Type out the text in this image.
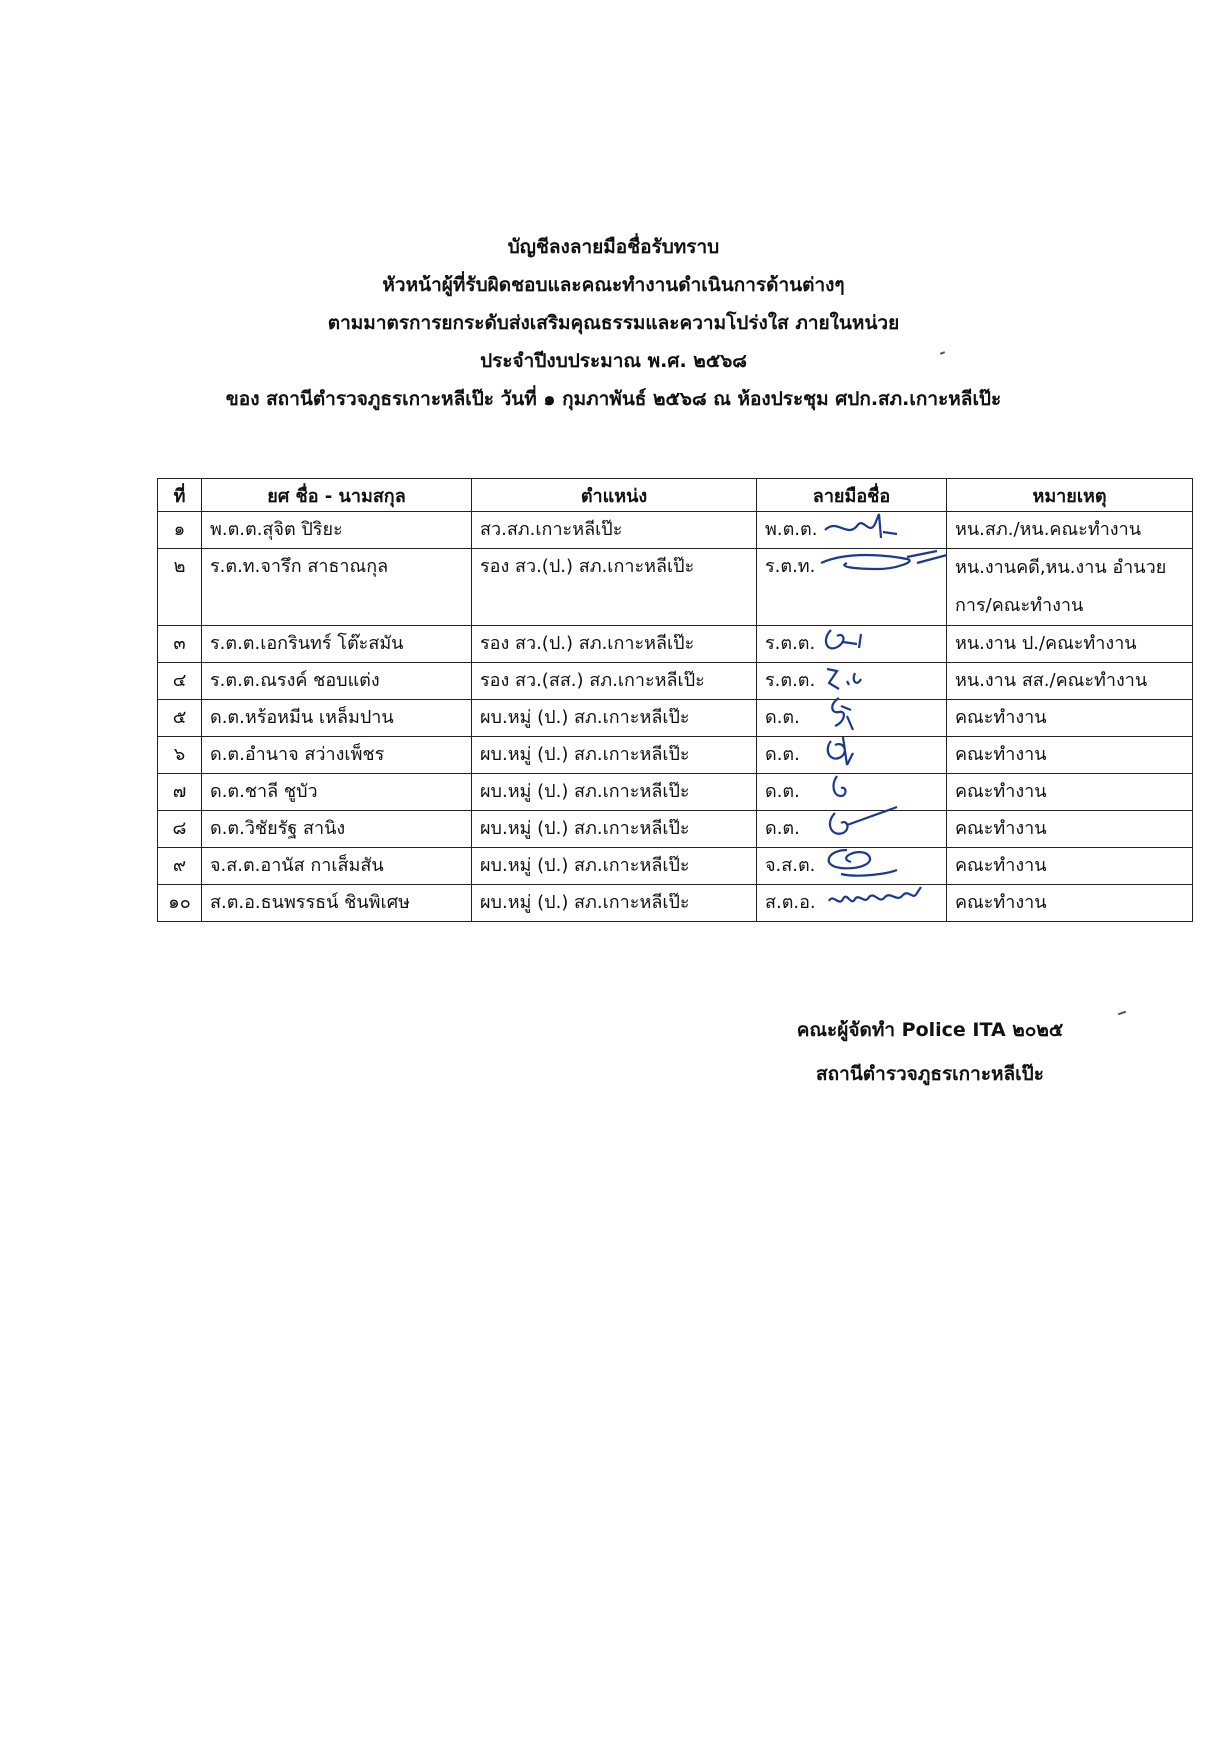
บัญชีลงลายมือชื่อรับทราบ
หัวหน้าผู้ที่รับผิดชอบและคณะทำงานดำเนินการด้านต่างๆ
ตามมาตรการยกระดับส่งเสริมคุณธรรมและความโปร่งใส ภายในหน่วย
ประจำปีงบประมาณ พ.ศ. ๒๕๖๘
ของ สถานีตำรวจภูธรเกาะหลีเป๊ะ วันที่ ๑ กุมภาพันธ์ ๒๕๖๘ ณ ห้องประชุม ศปก.สภ.เกาะหลีเป๊ะ
ที่	ยศ ชื่อ - นามสกุล	ตำแหน่ง	ลายมือชื่อ	หมายเหตุ
๑	พ.ต.ต.สุจิต ปิริยะ	สว.สภ.เกาะหลีเป๊ะ	พ.ต.ต.	หน.สภ./หน.คณะทำงาน
๒	ร.ต.ท.จารึก สาธาณกุล	รอง สว.(ป.) สภ.เกาะหลีเป๊ะ	ร.ต.ท.	หน.งานคดี,หน.งาน อำนวยการ/คณะทำงาน
๓	ร.ต.ต.เอกรินทร์ โต๊ะสมัน	รอง สว.(ป.) สภ.เกาะหลีเป๊ะ	ร.ต.ต.	หน.งาน ป./คณะทำงาน
๔	ร.ต.ต.ณรงค์ ชอบแต่ง	รอง สว.(สส.) สภ.เกาะหลีเป๊ะ	ร.ต.ต.	หน.งาน สส./คณะทำงาน
๕	ด.ต.หร้อหมีน เหล็มปาน	ผบ.หมู่ (ป.) สภ.เกาะหลีเป๊ะ	ด.ต.	คณะทำงาน
๖	ด.ต.อำนาจ สว่างเพ็ชร	ผบ.หมู่ (ป.) สภ.เกาะหลีเป๊ะ	ด.ต.	คณะทำงาน
๗	ด.ต.ชาลี ชูบัว	ผบ.หมู่ (ป.) สภ.เกาะหลีเป๊ะ	ด.ต.	คณะทำงาน
๘	ด.ต.วิชัยรัฐ สานิง	ผบ.หมู่ (ป.) สภ.เกาะหลีเป๊ะ	ด.ต.	คณะทำงาน
๙	จ.ส.ต.อานัส กาเส็มสัน	ผบ.หมู่ (ป.) สภ.เกาะหลีเป๊ะ	จ.ส.ต.	คณะทำงาน
๑๐	ส.ต.อ.ธนพรรธน์ ชินพิเศษ	ผบ.หมู่ (ป.) สภ.เกาะหลีเป๊ะ	ส.ต.อ.	คณะทำงาน
คณะผู้จัดทำ Police ITA ๒๐๒๕
สถานีตำรวจภูธรเกาะหลีเป๊ะ
